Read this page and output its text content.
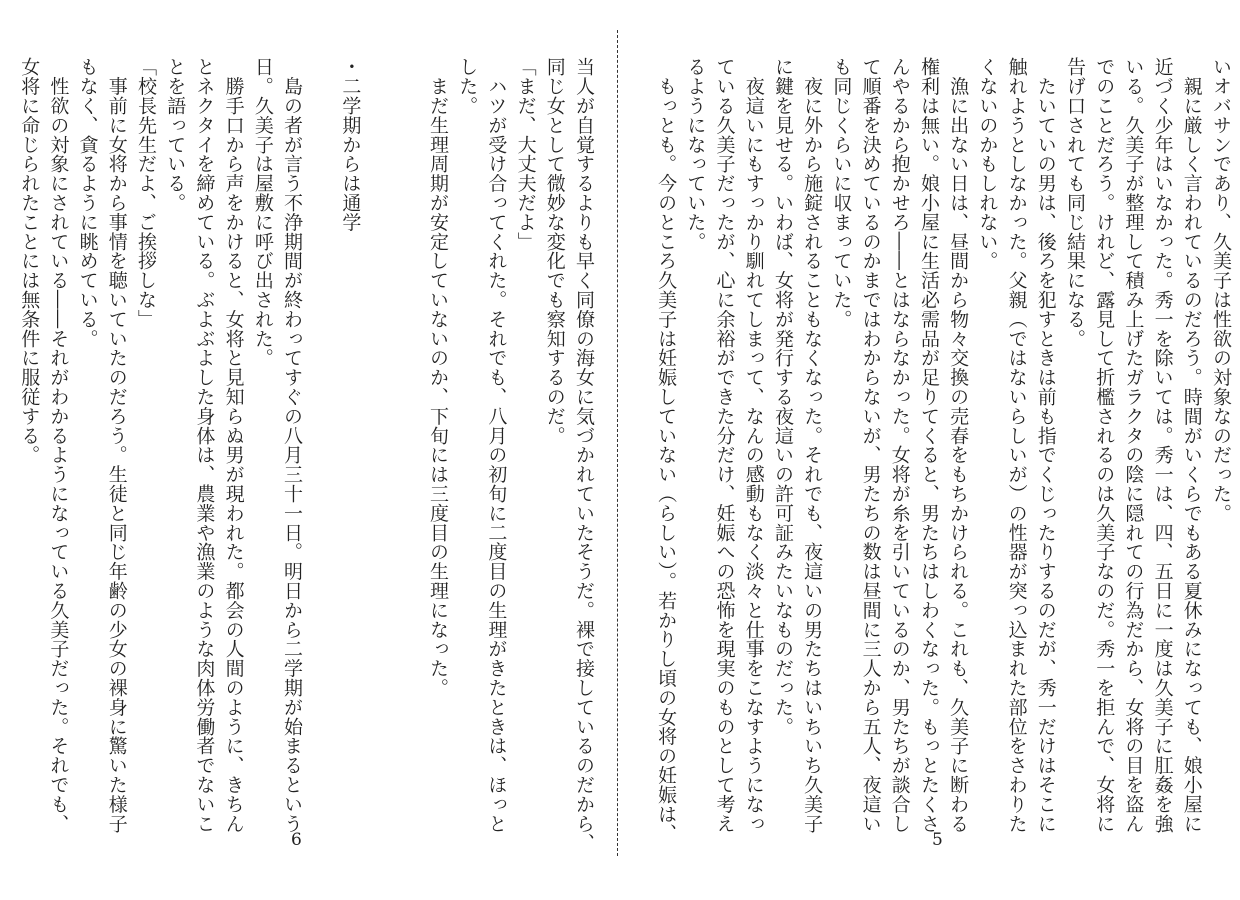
いオバサンであり、久美子は性欲の対象なのだった。
　親に厳しく言われているのだろう。時間がいくらでもある夏休みになっても、娘小屋に
近づく少年はいなかった。秀一を除いては。秀一は、四、五日に一度は久美子に肛姦を強
いる。久美子が整理して積み上げたガラクタの陰に隠れての行為だから、女将の目を盗ん
でのことだろう。けれど、露見して折檻されるのは久美子なのだ。秀一を拒んで、女将に
告げ口されても同じ結果になる。
　たいていの男は、後ろを犯すときは前も指でくじったりするのだが、秀一だけはそこに
触れようとしなかった。父親（ではないらしいが）の性器が突っ込まれた部位をさわりた
くないのかもしれない。
　漁に出ない日は、昼間から物々交換の売春をもちかけられる。これも、久美子に断わる
権利は無い。娘小屋に生活必需品が足りてくると、男たちはしわくなった。もっとたくさ
んやるから抱かせろ――とはならなかった。女将が糸を引いているのか、男たちが談合し
て順番を決めているのかまではわからないが、男たちの数は昼間に三人から五人、夜這い
も同じくらいに収まっていた。
　夜に外から施錠されることもなくなった。それでも、夜這いの男たちはいちいち久美子
に鍵を見せる。いわば、女将が発行する夜這いの許可証みたいなものだった。
　夜這いにもすっかり馴れてしまって、なんの感動もなく淡々と仕事をこなすようになっ
ている久美子だったが、心に余裕ができた分だけ、妊娠への恐怖を現実のものとして考え
るようになっていた。
　もっとも。今のところ久美子は妊娠していない（らしい）。若かりし頃の女将の妊娠は、
当人が自覚するよりも早く同僚の海女に気づかれていたそうだ。裸で接しているのだから、
同じ女として微妙な変化でも察知するのだ。
「まだ、大丈夫だよ」
　ハツが受け合ってくれた。それでも、八月の初旬に二度目の生理がきたときは、ほっと
した。
　まだ生理周期が安定していないのか、下旬には三度目の生理になった。
・二学期からは通学
　島の者が言う不浄期間が終わってすぐの八月三十一日。明日から二学期が始まるという
日。久美子は屋敷に呼び出された。
　勝手口から声をかけると、女将と見知らぬ男が現われた。都会の人間のように、きちん
とネクタイを締めている。ぶよぶよした身体は、農業や漁業のような肉体労働者でないこ
とを語っている。
「校長先生だよ、ご挨拶しな」
　事前に女将から事情を聴いていたのだろう。生徒と同じ年齢の少女の裸身に驚いた様子
もなく、貪るように眺めている。
　性欲の対象にされている――それがわかるようになっている久美子だった。それでも、
女将に命じられたことには無条件に服従する。
5
6
